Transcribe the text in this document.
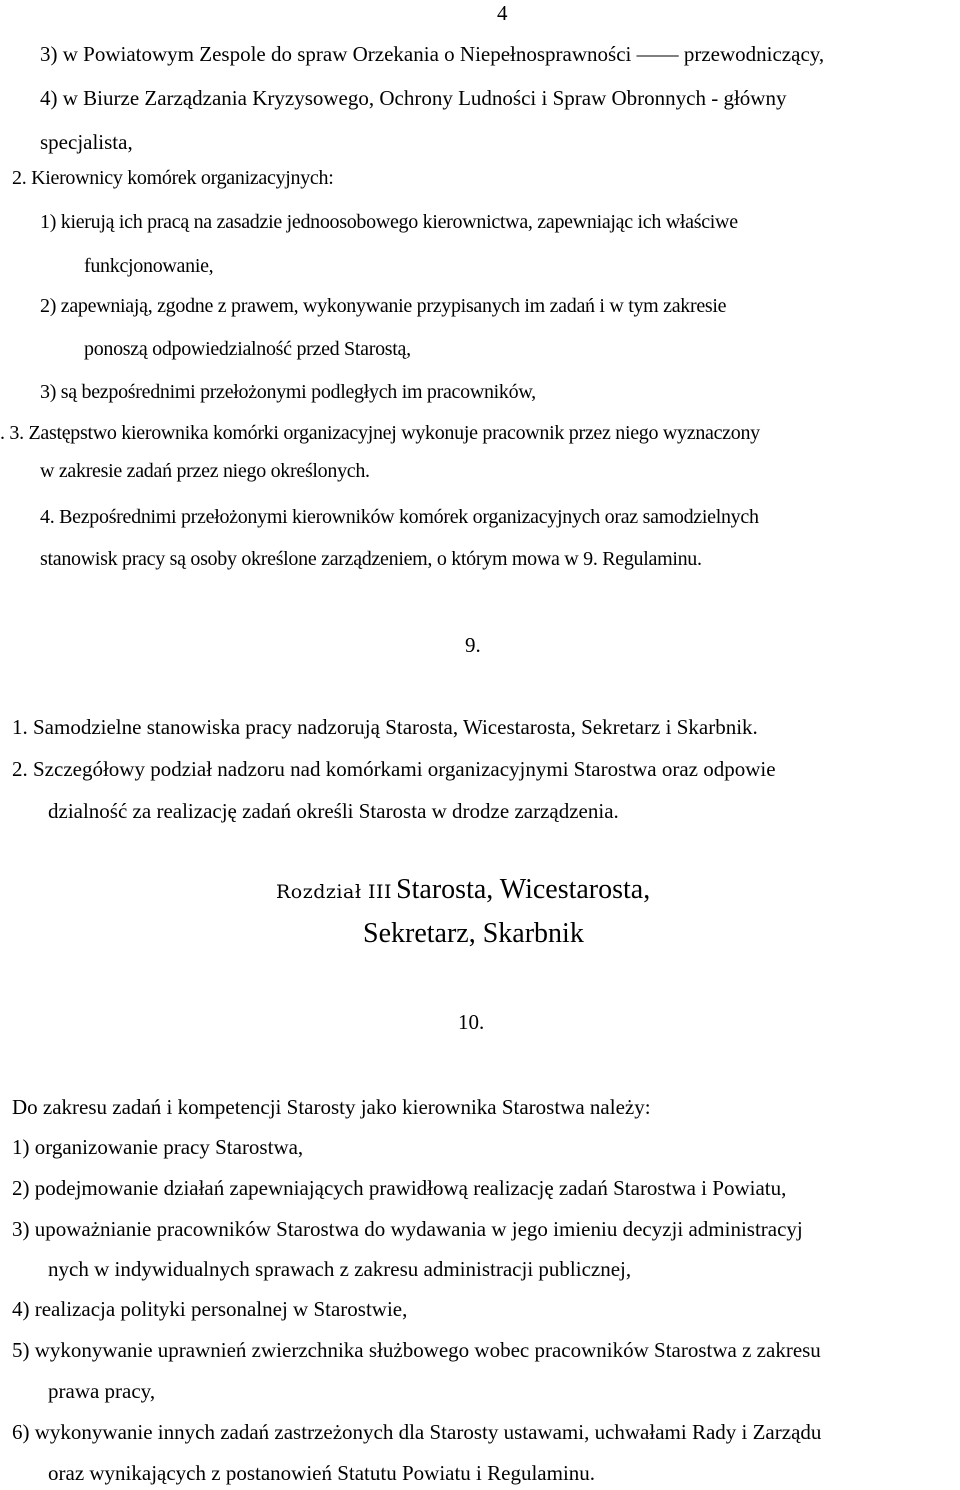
4
3) w Powiatowym Zespole do spraw Orzekania o Niepełnosprawności —— przewodniczący,
4) w Biurze Zarządzania Kryzysowego, Ochrony Ludności i Spraw Obronnych - główny
specjalista,
2. Kierownicy komórek organizacyjnych:
1) kierują ich pracą na zasadzie jednoosobowego kierownictwa, zapewniając ich właściwe
funkcjonowanie,
2) zapewniają, zgodne z prawem, wykonywanie przypisanych im zadań i w tym zakresie
ponoszą odpowiedzialność przed Starostą,
3) są bezpośrednimi przełożonymi podległych im pracowników,
. 3. Zastępstwo kierownika komórki organizacyjnej wykonuje pracownik przez niego wyznaczony
w zakresie zadań przez niego określonych.
4. Bezpośrednimi przełożonymi kierowników komórek organizacyjnych oraz samodzielnych
stanowisk pracy są osoby określone zarządzeniem, o którym mowa w 9. Regulaminu.
9.
1. Samodzielne stanowiska pracy nadzorują Starosta, Wicestarosta, Sekretarz i Skarbnik.
2. Szczegółowy podział nadzoru nad komórkami organizacyjnymi Starostwa oraz odpowie
dzialność za realizację zadań określi Starosta w drodze zarządzenia.
Rozdział III Starosta, Wicestarosta,
Sekretarz, Skarbnik
10.
Do zakresu zadań i kompetencji Starosty jako kierownika Starostwa należy:
1) organizowanie pracy Starostwa,
2) podejmowanie działań zapewniających prawidłową realizację zadań Starostwa i Powiatu,
3) upoważnianie pracowników Starostwa do wydawania w jego imieniu decyzji administracyj
nych w indywidualnych sprawach z zakresu administracji publicznej,
4) realizacja polityki personalnej w Starostwie,
5) wykonywanie uprawnień zwierzchnika służbowego wobec pracowników Starostwa z zakresu
prawa pracy,
6) wykonywanie innych zadań zastrzeżonych dla Starosty ustawami, uchwałami Rady i Zarządu
oraz wynikających z postanowień Statutu Powiatu i Regulaminu.
